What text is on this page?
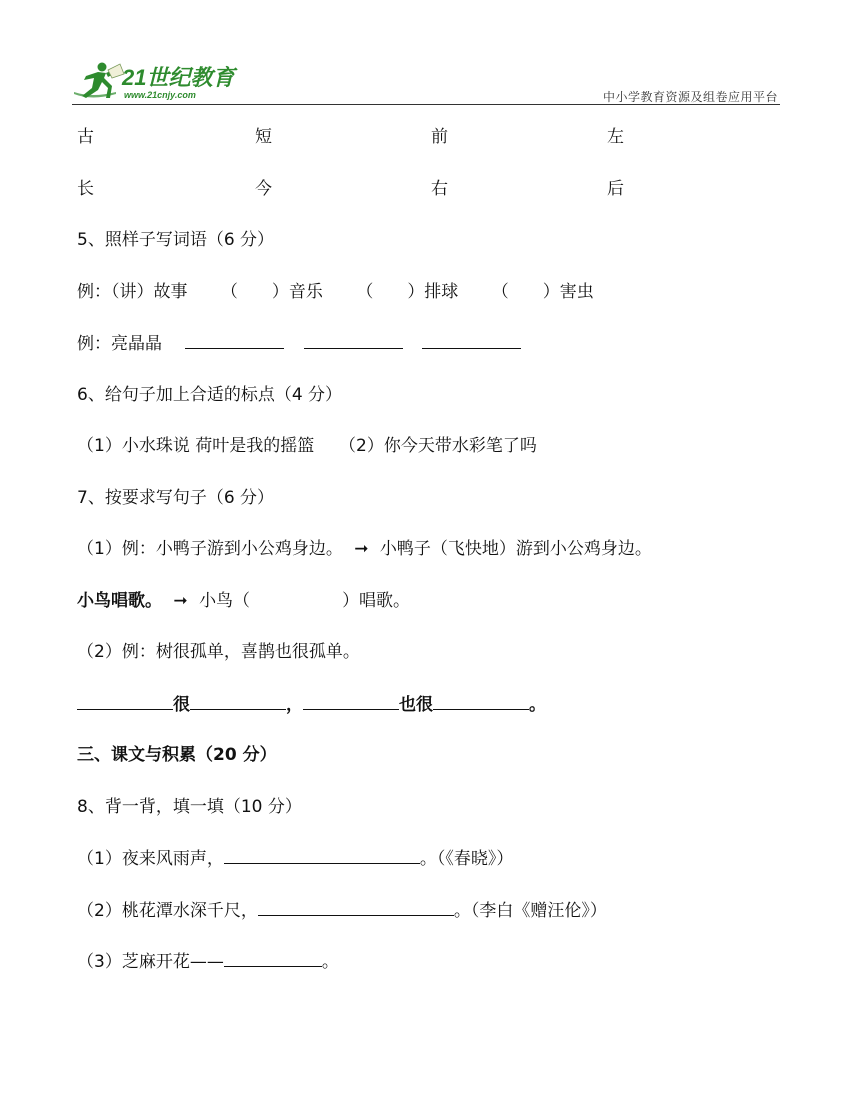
21世纪教育
www.21cnjy.com	中小学教育资源及组卷应用平台
古	短	前	左
长	今	右	后
5、照样子写词语（6 分）
例：（讲）故事 （ ）音乐 （ ）排球 （ ）害虫
例：亮晶晶
6、给句子加上合适的标点（4 分）
（1）小水珠说 荷叶是我的摇篮 （2）你今天带水彩笔了吗
7、按要求写句子（6 分）
（1）例：小鸭子游到小公鸡身边。 ➞ 小鸭子（飞快地）游到小公鸡身边。
小鸟唱歌。 ➞ 小鸟（	）唱歌。
（2）例：树很孤单，喜鹊也很孤单。
很	，	也很	。
三、课文与积累（20 分）
8、背一背，填一填（10 分）
（1）夜来风雨声，	。（《春晓》）
（2）桃花潭水深千尺，	。（李白《赠汪伦》）
（3）芝麻开花——	。
